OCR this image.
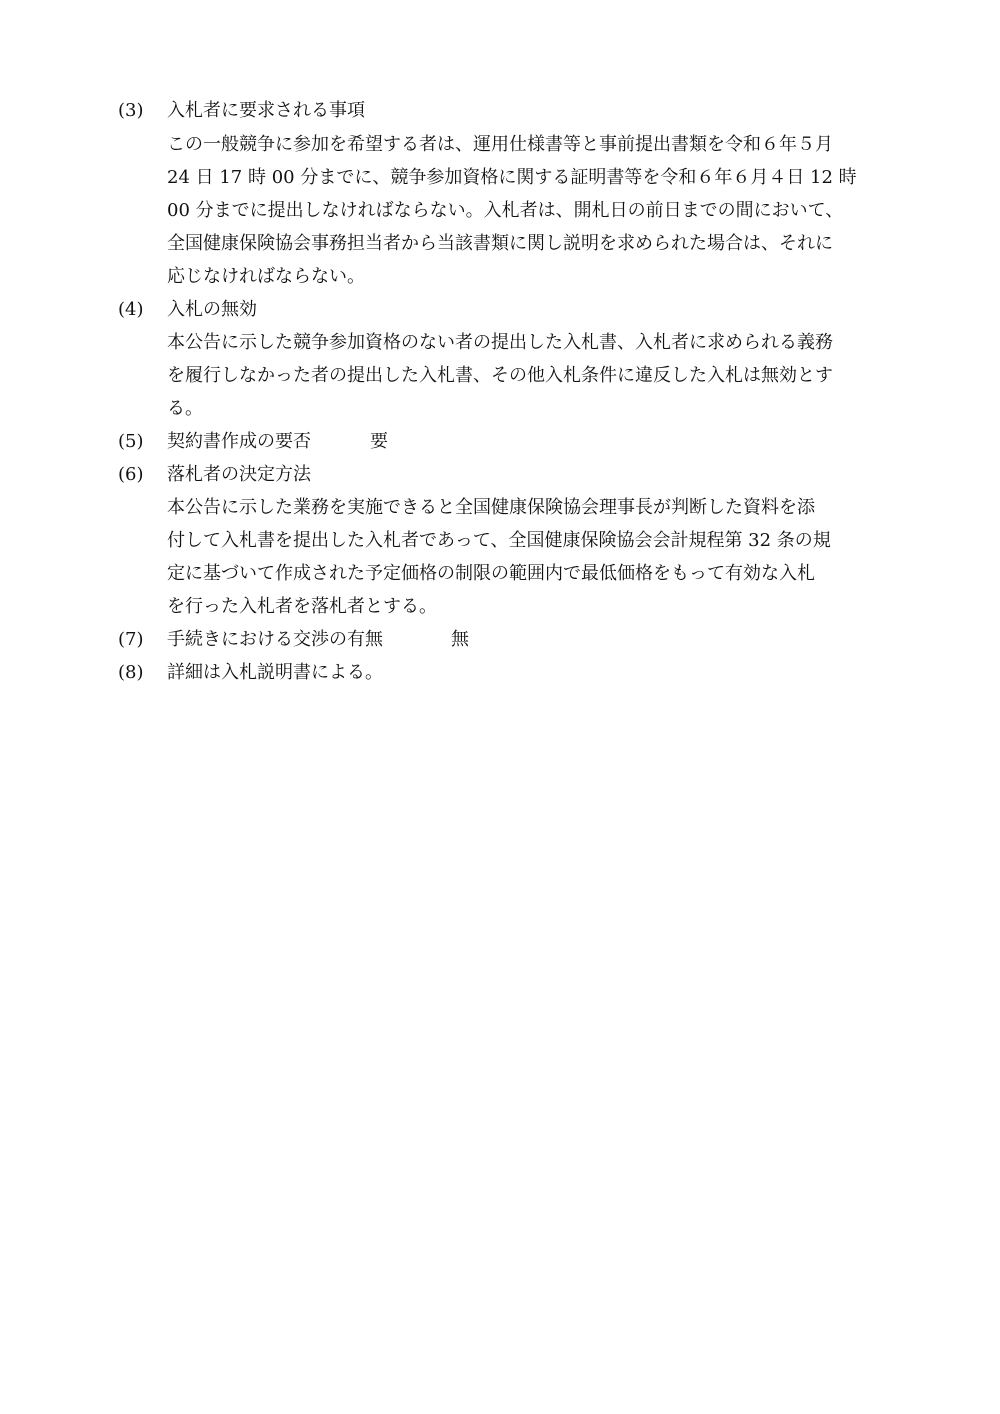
(3) 入札者に要求される事項
この一般競争に参加を希望する者は、運用仕様書等と事前提出書類を令和６年５月
24 日 17 時 00 分までに、競争参加資格に関する証明書等を令和６年６月４日 12 時
00 分までに提出しなければならない。入札者は、開札日の前日までの間において、
全国健康保険協会事務担当者から当該書類に関し説明を求められた場合は、それに
応じなければならない。
(4) 入札の無効
本公告に示した競争参加資格のない者の提出した入札書、入札者に求められる義務
を履行しなかった者の提出した入札書、その他入札条件に違反した入札は無効とす
る。
(5) 契約書作成の要否	要
(6) 落札者の決定方法
本公告に示した業務を実施できると全国健康保険協会理事長が判断した資料を添
付して入札書を提出した入札者であって、全国健康保険協会会計規程第 32 条の規
定に基づいて作成された予定価格の制限の範囲内で最低価格をもって有効な入札
を行った入札者を落札者とする。
(7) 手続きにおける交渉の有無	無
(8) 詳細は入札説明書による。
